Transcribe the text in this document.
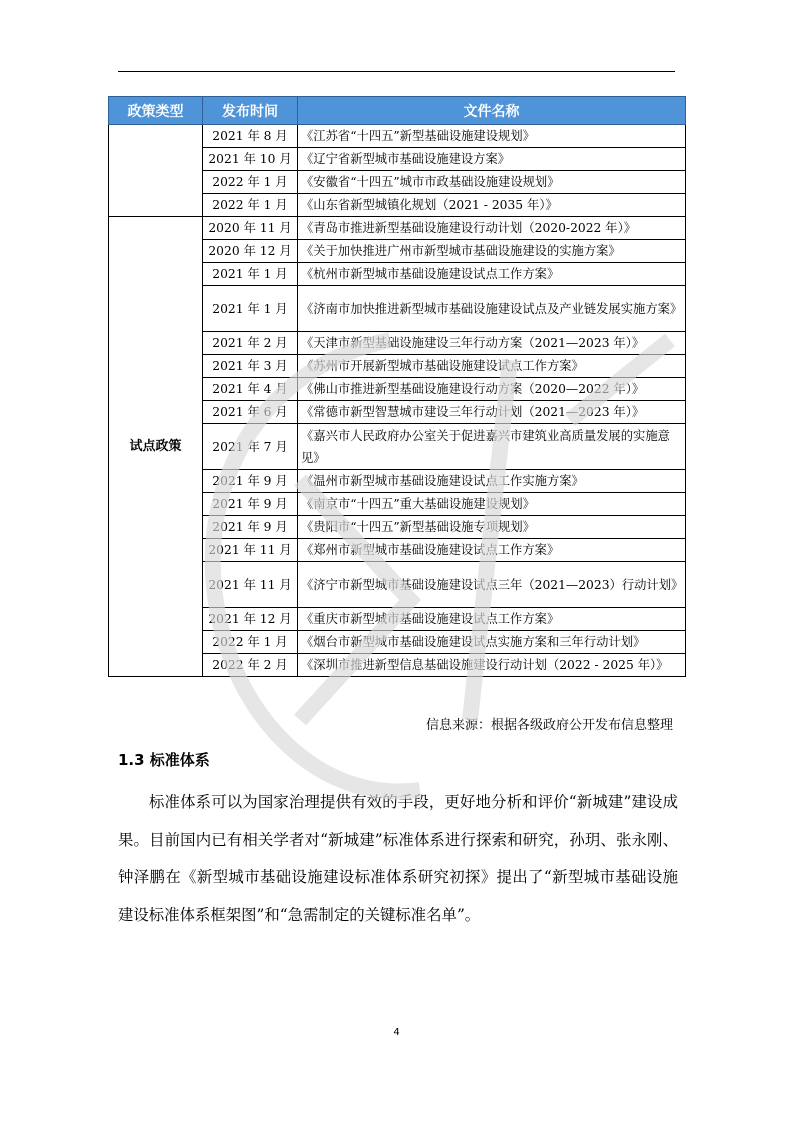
政策类型	发布时间	文件名称
	2021 年 8 月	《江苏省“十四五”新型基础设施建设规划》
	2021 年 10 月	《辽宁省新型城市基础设施建设方案》
	2022 年 1 月	《安徽省“十四五”城市市政基础设施建设规划》
	2022 年 1 月	《山东省新型城镇化规划（2021 - 2035 年）》
试点政策	2020 年 11 月	《青岛市推进新型基础设施建设行动计划（2020-2022 年）》
	2020 年 12 月	《关于加快推进广州市新型城市基础设施建设的实施方案》
	2021 年 1 月	《杭州市新型城市基础设施建设试点工作方案》
	2021 年 1 月	《济南市加快推进新型城市基础设施建设试点及产业链发展实施方案》
	2021 年 2 月	《天津市新型基础设施建设三年行动方案（2021—2023 年）》
	2021 年 3 月	《苏州市开展新型城市基础设施建设试点工作方案》
	2021 年 4 月	《佛山市推进新型基础设施建设行动方案（2020—2022 年）》
	2021 年 6 月	《常德市新型智慧城市建设三年行动计划（2021—2023 年）》
	2021 年 7 月	《嘉兴市人民政府办公室关于促进嘉兴市建筑业高质量发展的实施意见》
	2021 年 9 月	《温州市新型城市基础设施建设试点工作实施方案》
	2021 年 9 月	《南京市“十四五”重大基础设施建设规划》
	2021 年 9 月	《贵阳市“十四五”新型基础设施专项规划》
	2021 年 11 月	《郑州市新型城市基础设施建设试点工作方案》
	2021 年 11 月	《济宁市新型城市基础设施建设试点三年（2021—2023）行动计划》
	2021 年 12 月	《重庆市新型城市基础设施建设试点工作方案》
	2022 年 1 月	《烟台市新型城市基础设施建设试点实施方案和三年行动计划》
	2022 年 2 月	《深圳市推进新型信息基础设施建设行动计划（2022 - 2025 年）》
信息来源：根据各级政府公开发布信息整理
1.3 标准体系

标准体系可以为国家治理提供有效的手段，更好地分析和评价“新城建”建设成果。目前国内已有相关学者对“新城建”标准体系进行探索和研究，孙玥、张永刚、钟泽鹏在《新型城市基础设施建设标准体系研究初探》提出了“新型城市基础设施建设标准体系框架图”和“急需制定的关键标准名单”。

4
